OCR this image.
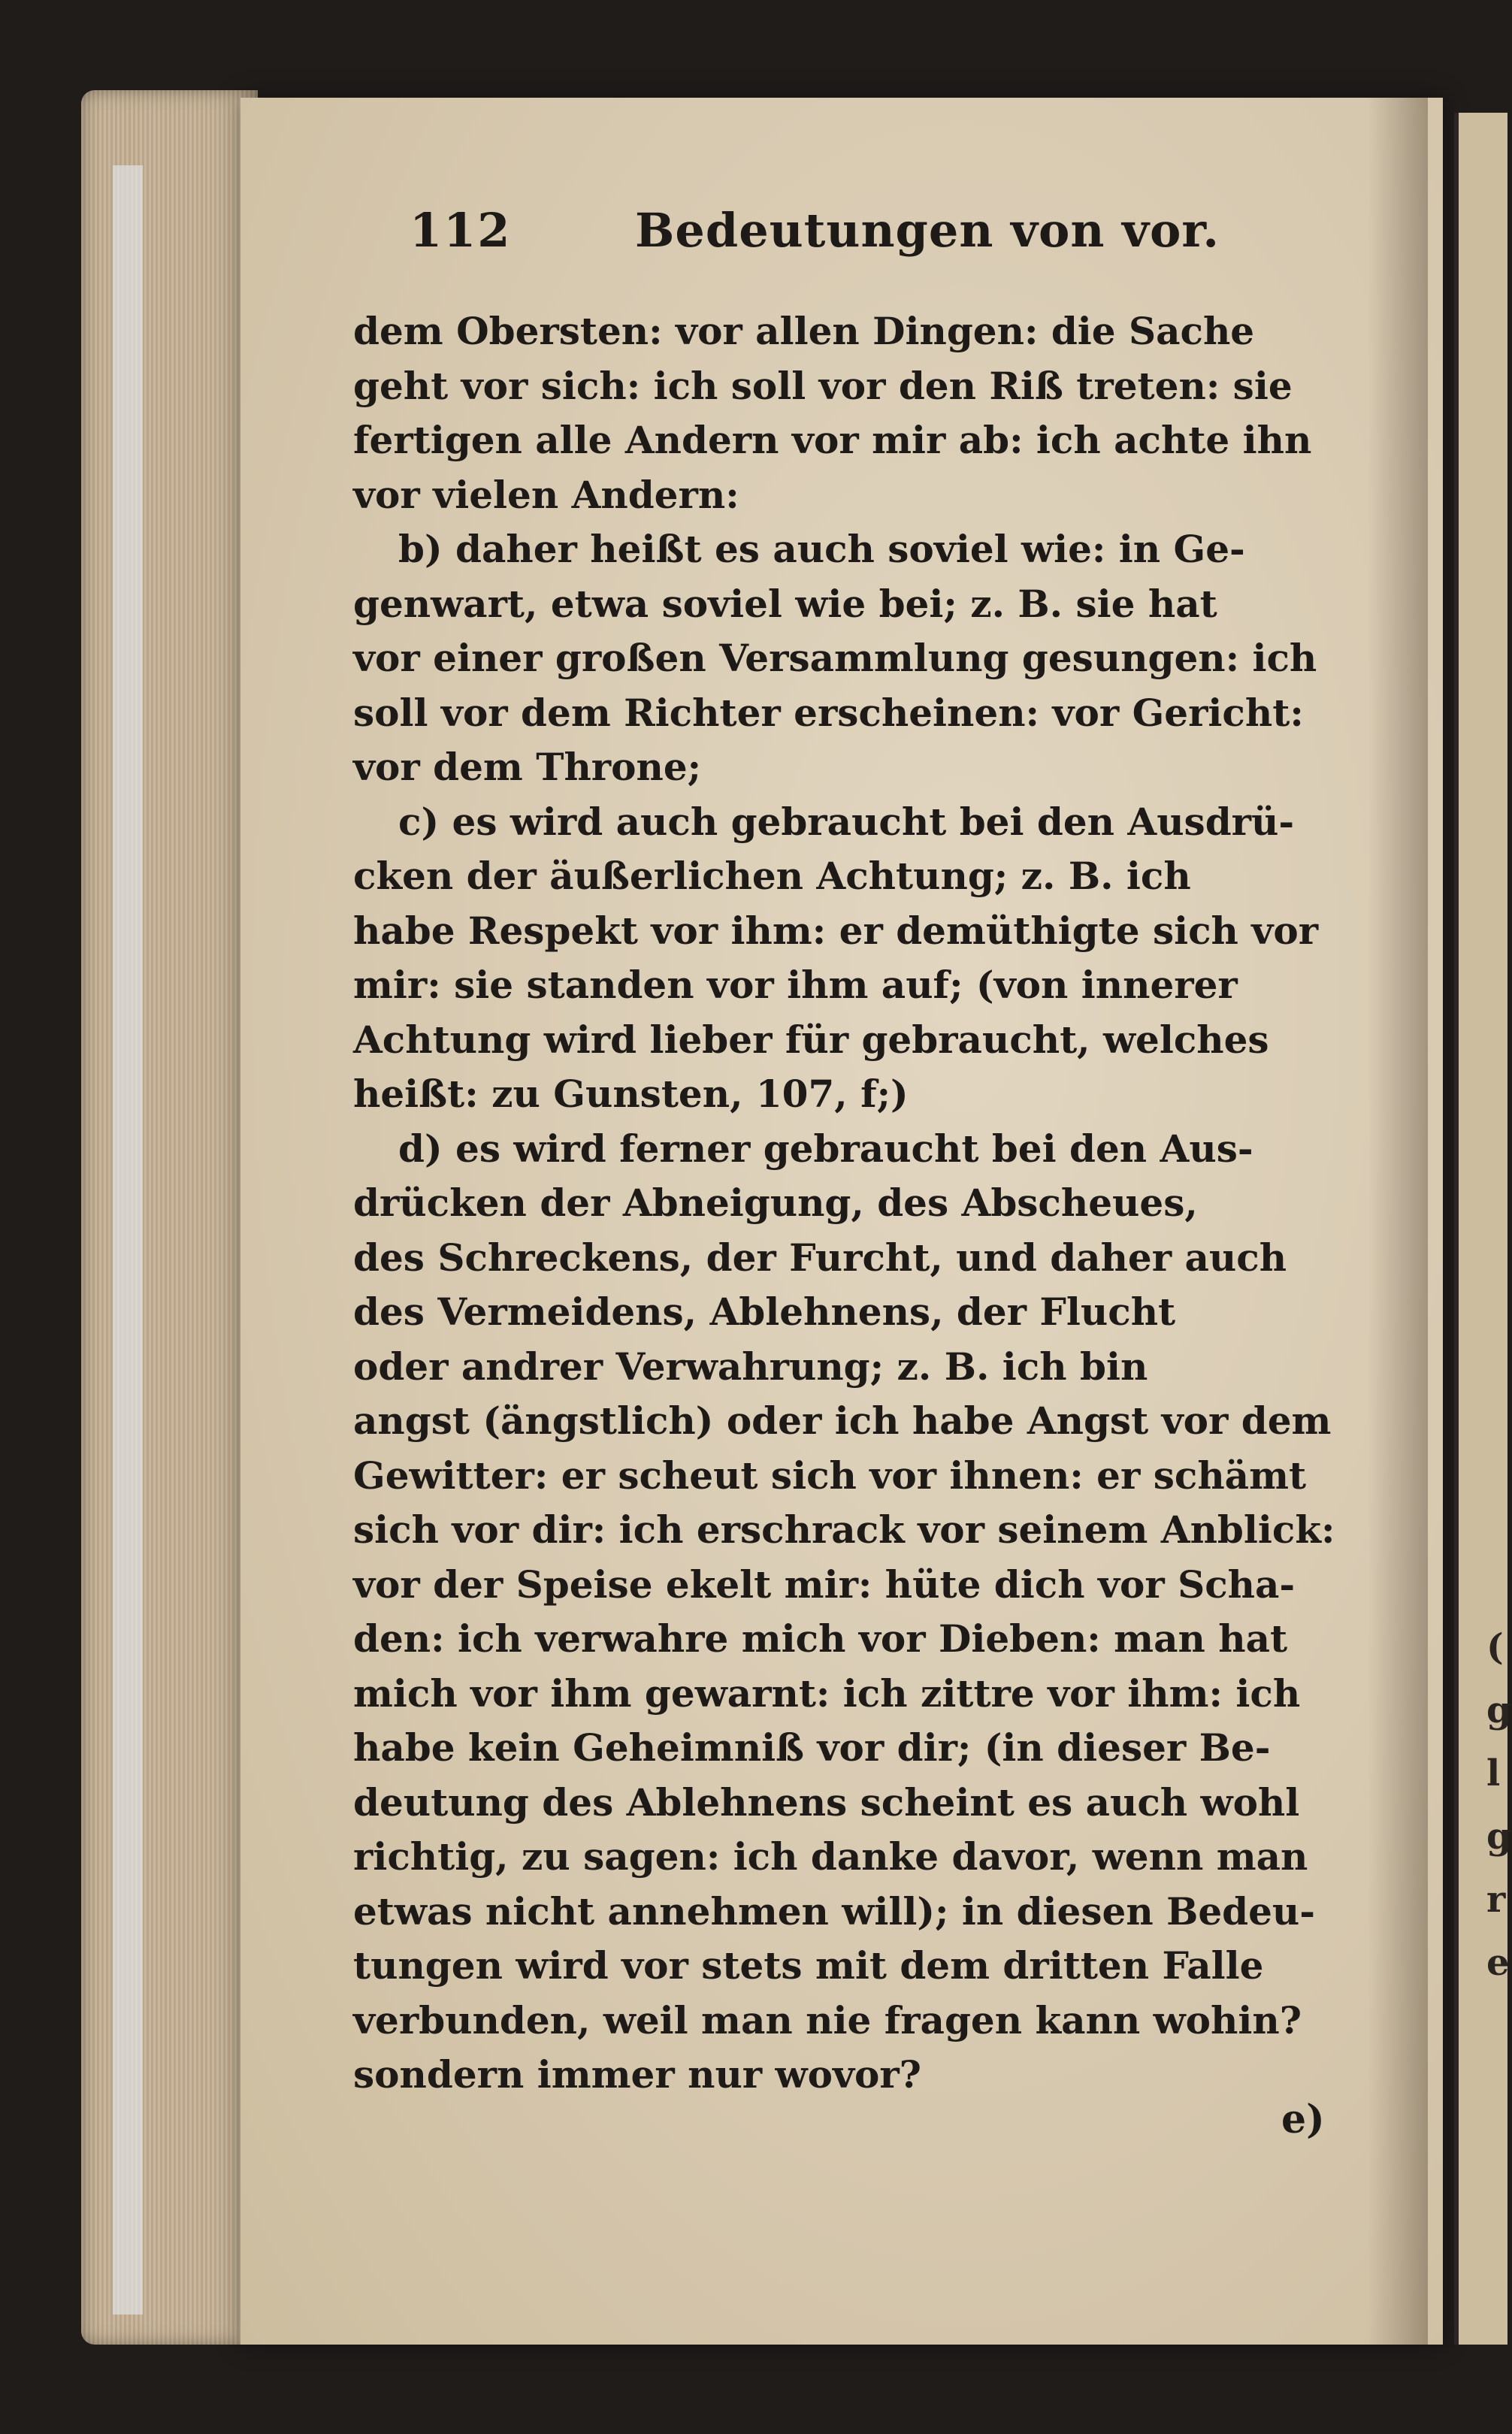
(
g
l
g
r
e
112	Bedeutungen von vor.
dem Obersten: vor allen Dingen: die Sache
geht vor sich: ich soll vor den Riß treten: sie
fertigen alle Andern vor mir ab: ich achte ihn
vor vielen Andern:
b) daher heißt es auch soviel wie: in Ge-
genwart, etwa soviel wie bei; z. B. sie hat
vor einer großen Versammlung gesungen: ich
soll vor dem Richter erscheinen: vor Gericht:
vor dem Throne;
c) es wird auch gebraucht bei den Ausdrü-
cken der äußerlichen Achtung; z. B. ich
habe Respekt vor ihm: er demüthigte sich vor
mir: sie standen vor ihm auf; (von innerer
Achtung wird lieber für gebraucht, welches
heißt: zu Gunsten, 107, f;)
d) es wird ferner gebraucht bei den Aus-
drücken der Abneigung, des Abscheues,
des Schreckens, der Furcht, und daher auch
des Vermeidens, Ablehnens, der Flucht
oder andrer Verwahrung; z. B. ich bin
angst (ängstlich) oder ich habe Angst vor dem
Gewitter: er scheut sich vor ihnen: er schämt
sich vor dir: ich erschrack vor seinem Anblick:
vor der Speise ekelt mir: hüte dich vor Scha-
den: ich verwahre mich vor Dieben: man hat
mich vor ihm gewarnt: ich zittre vor ihm: ich
habe kein Geheimniß vor dir; (in dieser Be-
deutung des Ablehnens scheint es auch wohl
richtig, zu sagen: ich danke davor, wenn man
etwas nicht annehmen will); in diesen Bedeu-
tungen wird vor stets mit dem dritten Falle
verbunden, weil man nie fragen kann wohin?
sondern immer nur wovor?
e)
